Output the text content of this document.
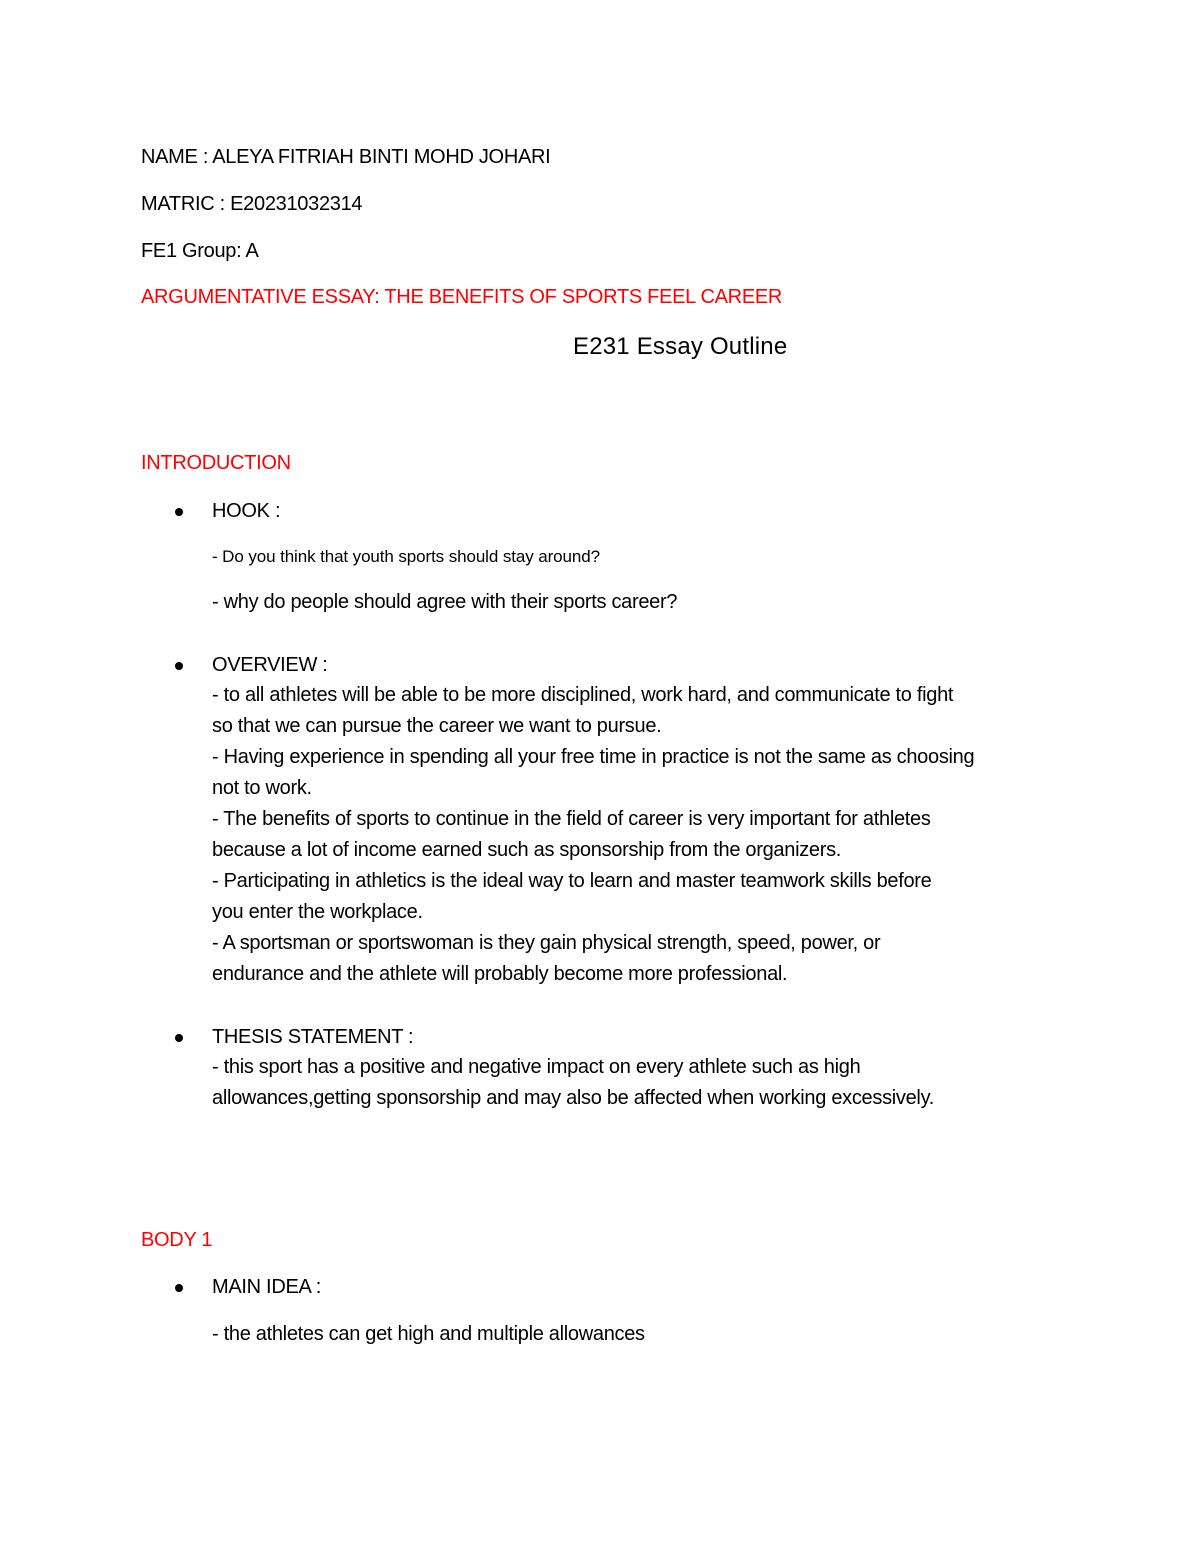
NAME : ALEYA FITRIAH BINTI MOHD JOHARI
MATRIC : E20231032314
FE1 Group: A
ARGUMENTATIVE ESSAY: THE BENEFITS OF SPORTS FEEL CAREER
E231 Essay Outline
INTRODUCTION
HOOK :
- Do you think that youth sports should stay around?
- why do people should agree with their sports career?
OVERVIEW :
- to all athletes will be able to be more disciplined, work hard, and communicate to fight
so that we can pursue the career we want to pursue.
- Having experience in spending all your free time in practice is not the same as choosing
not to work.
- The benefits of sports to continue in the field of career is very important for athletes
because a lot of income earned such as sponsorship from the organizers.
- Participating in athletics is the ideal way to learn and master teamwork skills before
you enter the workplace.
- A sportsman or sportswoman is they gain physical strength, speed, power, or
endurance and the athlete will probably become more professional.
THESIS STATEMENT :
- this sport has a positive and negative impact on every athlete such as high
allowances,getting sponsorship and may also be affected when working excessively.
BODY 1
MAIN IDEA :
- the athletes can get high and multiple allowances
